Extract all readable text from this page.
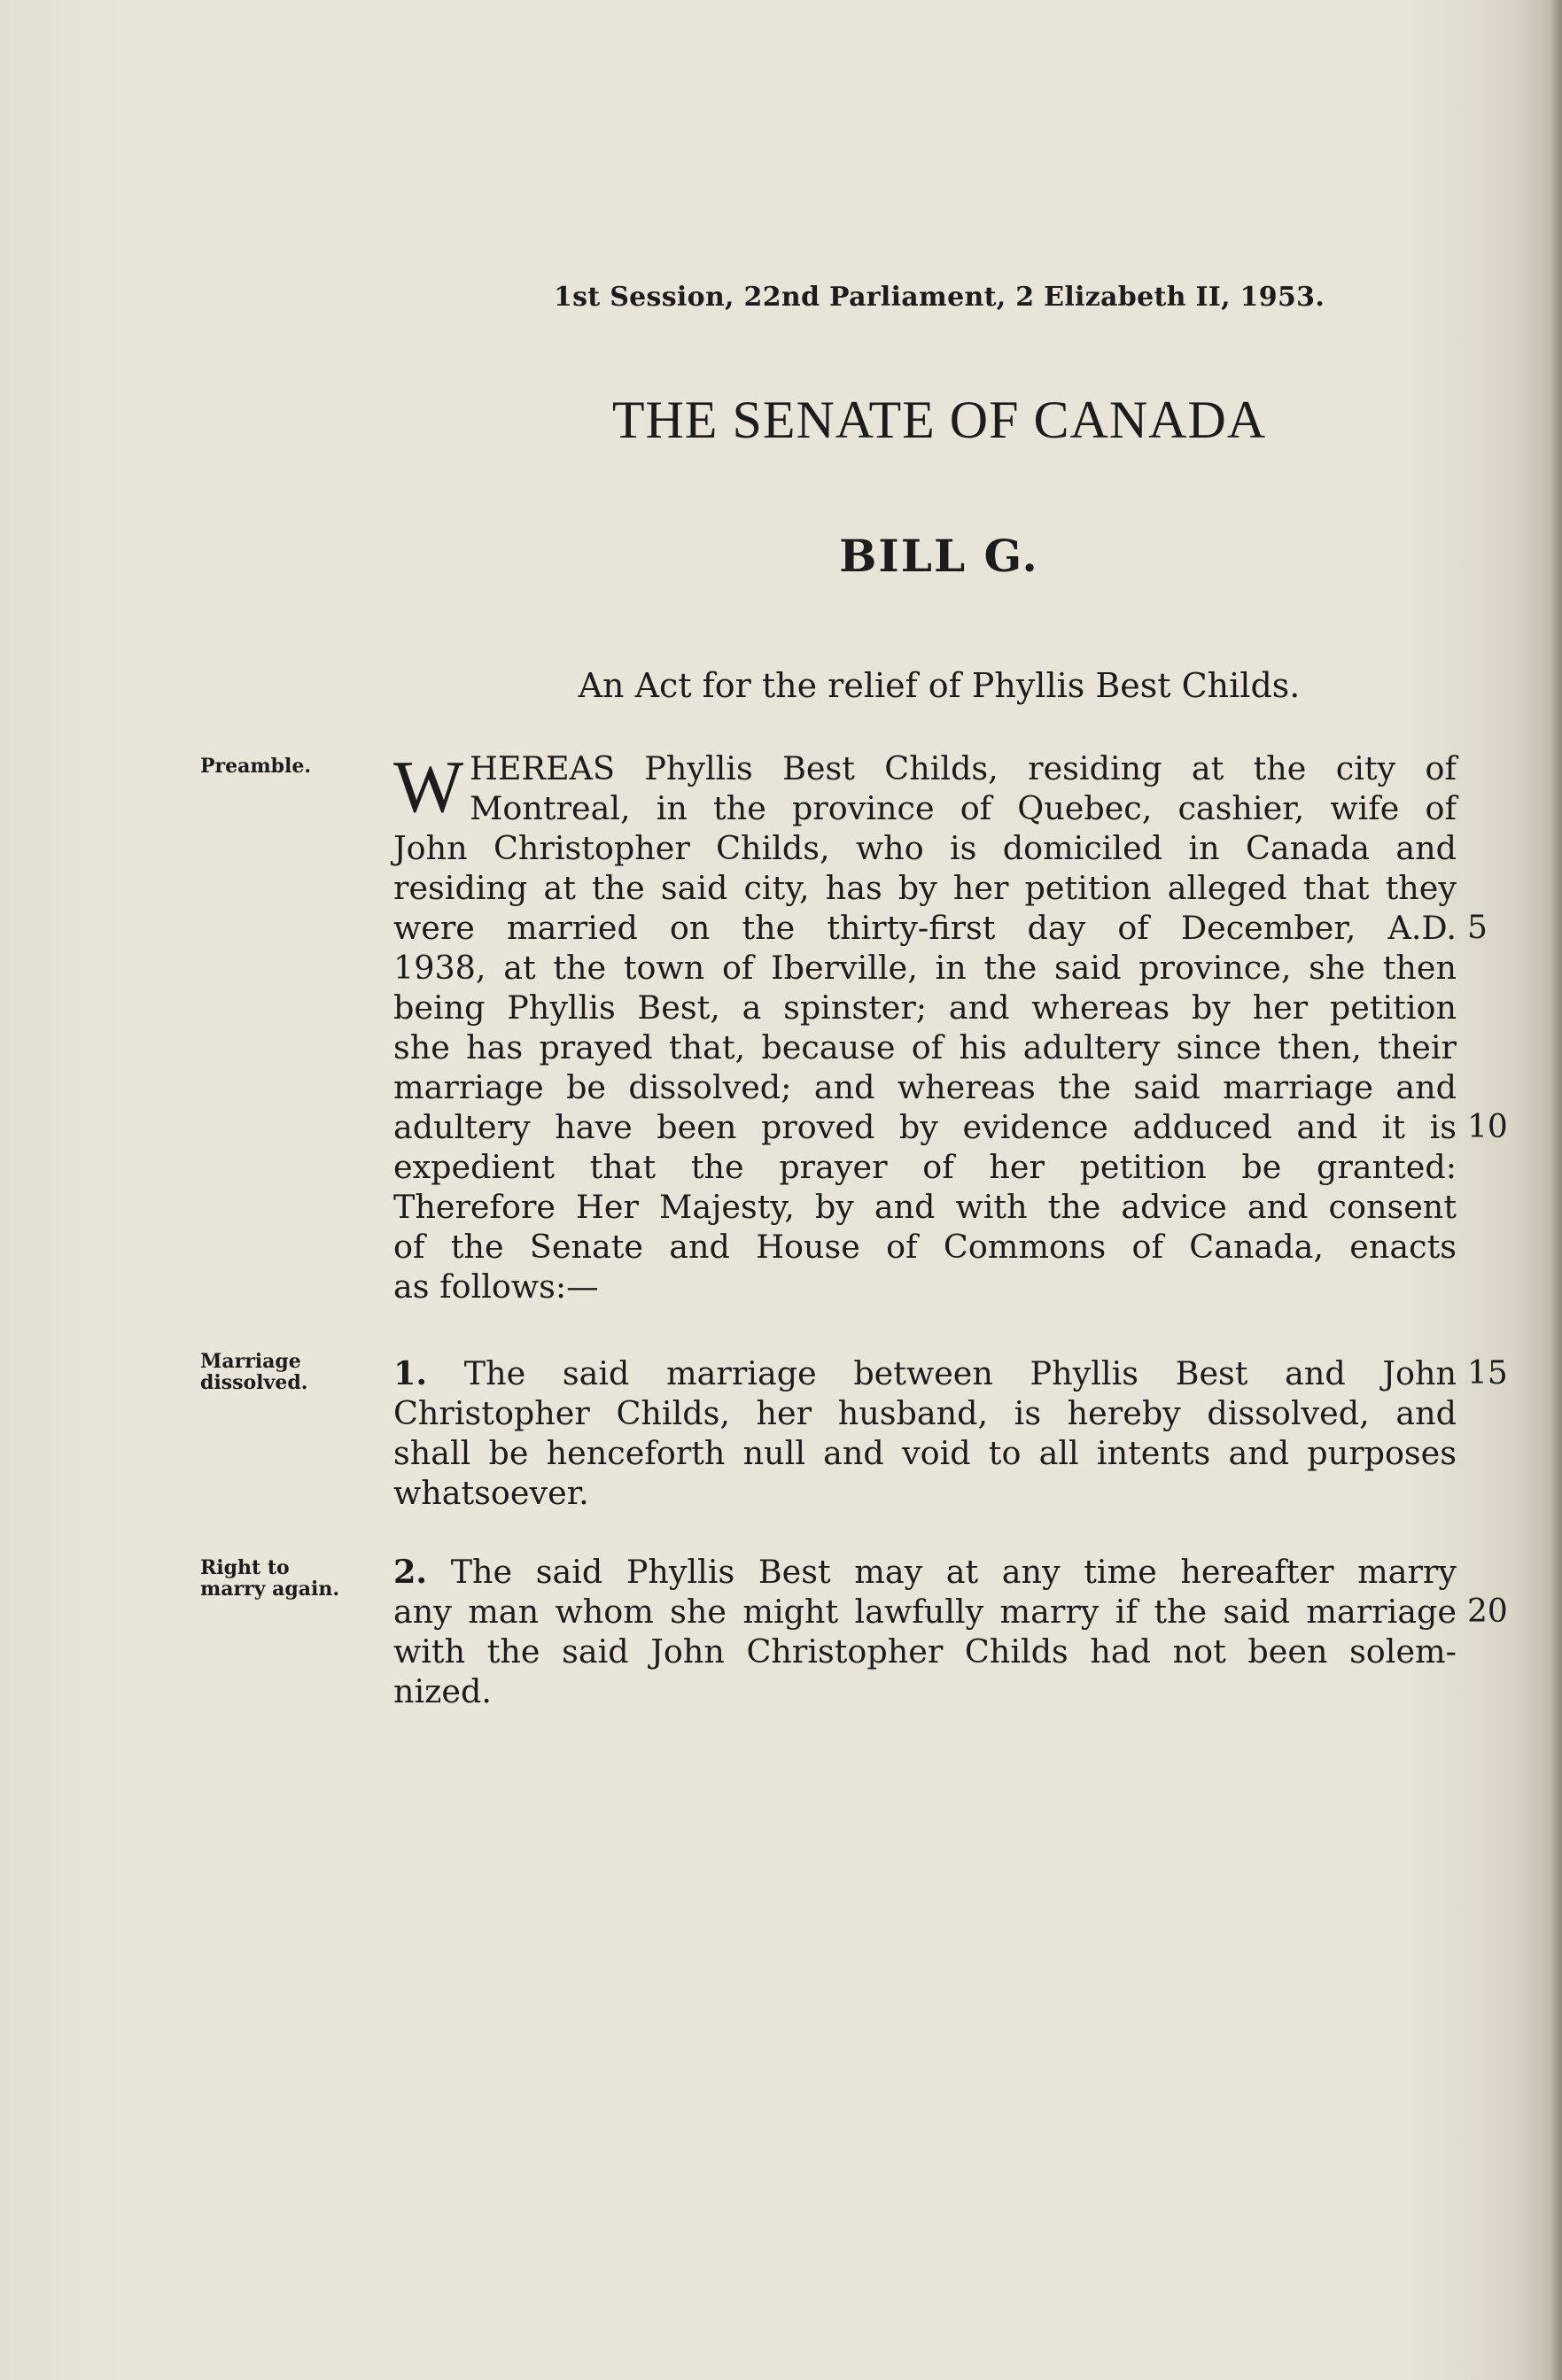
1st Session, 22nd Parliament, 2 Elizabeth II, 1953.
THE SENATE OF CANADA
BILL G.
An Act for the relief of Phyllis Best Childs.
Preamble.
Marriage
dissolved.
Right to
marry again.
W HEREAS Phyllis Best Childs, residing at the city of
Montreal, in the province of Quebec, cashier, wife of
John Christopher Childs, who is domiciled in Canada and
residing at the said city, has by her petition alleged that they
were married on the thirty-first day of December, A.D. 5
1938, at the town of Iberville, in the said province, she then
being Phyllis Best, a spinster; and whereas by her petition
she has prayed that, because of his adultery since then, their
marriage be dissolved; and whereas the said marriage and
adultery have been proved by evidence adduced and it is 10
expedient that the prayer of her petition be granted:
Therefore Her Majesty, by and with the advice and consent
of the Senate and House of Commons of Canada, enacts
as follows:—
1. The said marriage between Phyllis Best and John 15
Christopher Childs, her husband, is hereby dissolved, and
shall be henceforth null and void to all intents and purposes
whatsoever.
2. The said Phyllis Best may at any time hereafter marry
any man whom she might lawfully marry if the said marriage 20
with the said John Christopher Childs had not been solem-
nized.
